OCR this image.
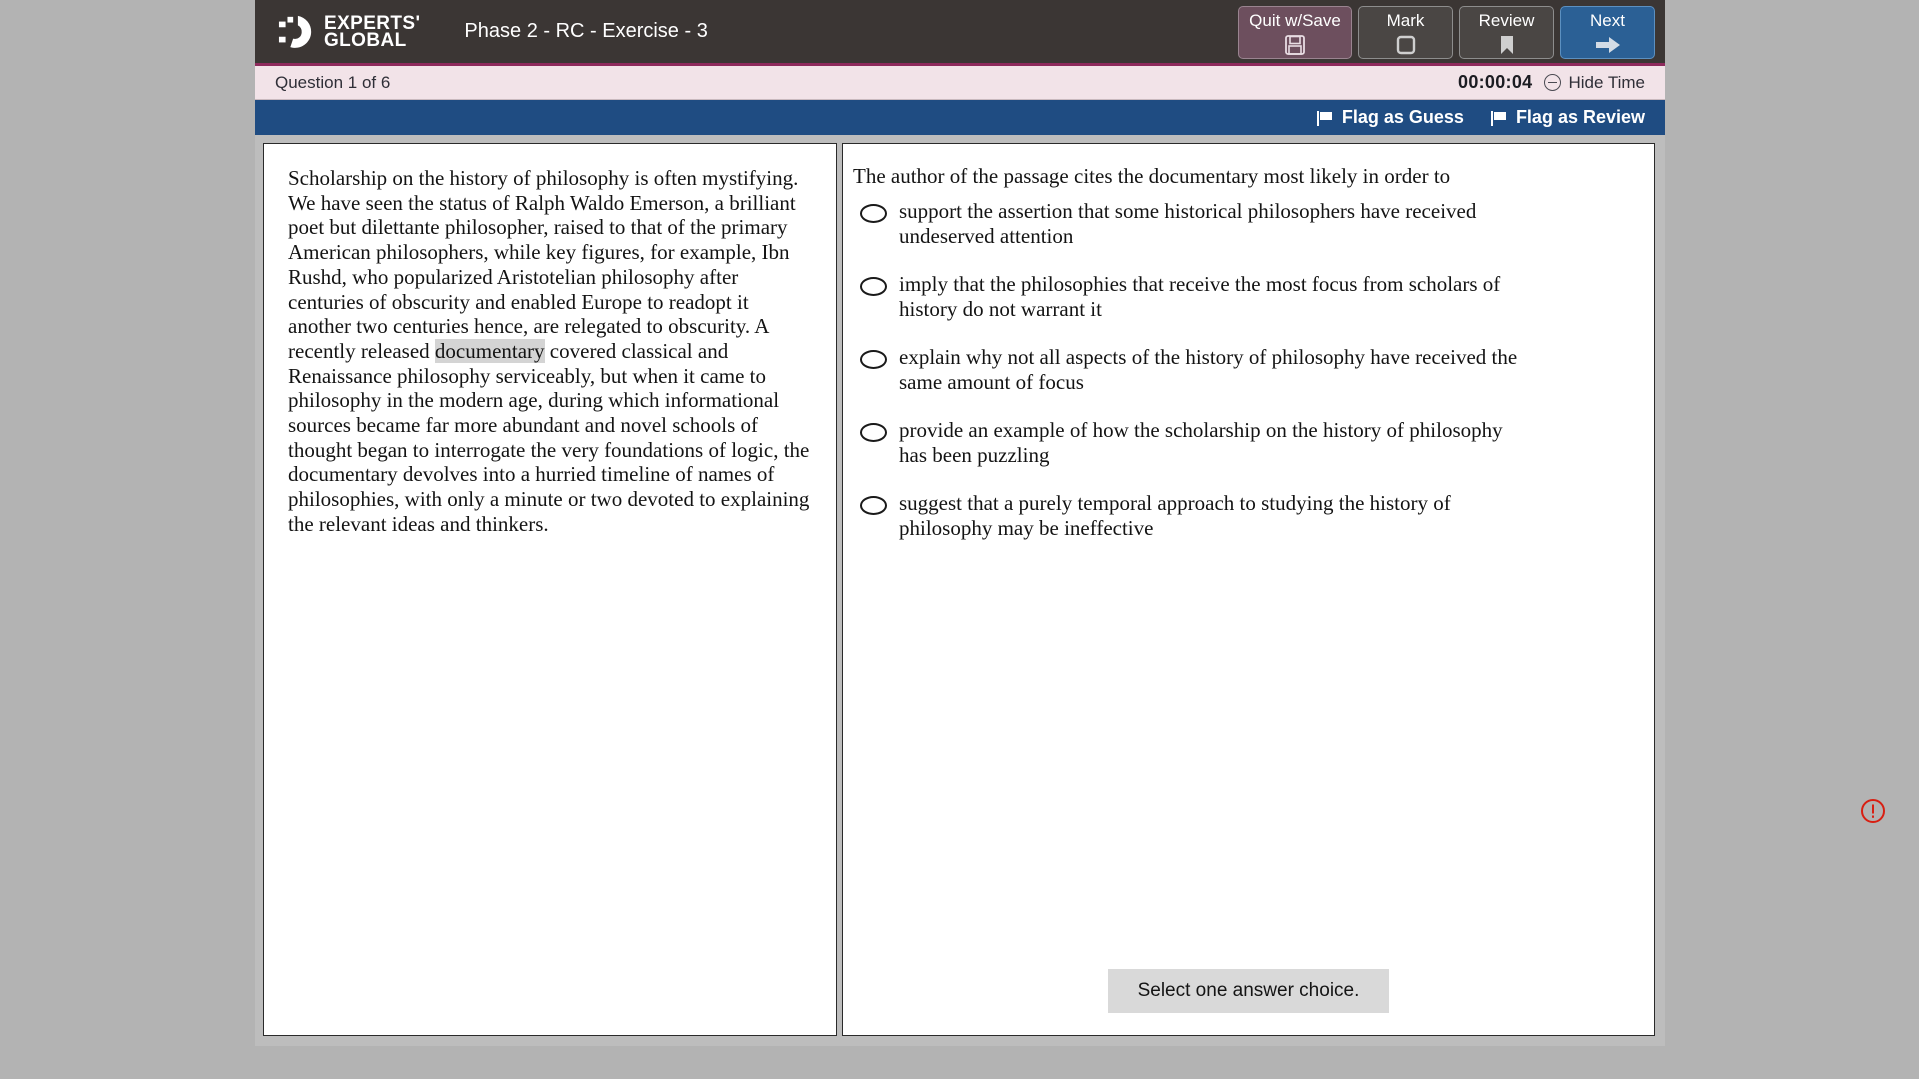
EXPERTS'
GLOBAL	Phase 2 - RC - Exercise - 3	Quit w/Save	Mark	Review	Next
Question 1 of 6	00:00:04 Hide Time
Flag as Guess	Flag as Review
Scholarship on the history of philosophy is often mystifying. We have seen the status of Ralph Waldo Emerson, a brilliant poet but dilettante philosopher, raised to that of the primary American philosophers, while key figures, for example, Ibn Rushd, who popularized Aristotelian philosophy after centuries of obscurity and enabled Europe to readopt it another two centuries hence, are relegated to obscurity. A recently released documentary covered classical and Renaissance philosophy serviceably, but when it came to philosophy in the modern age, during which informational sources became far more abundant and novel schools of thought began to interrogate the very foundations of logic, the documentary devolves into a hurried timeline of names of philosophies, with only a minute or two devoted to explaining the relevant ideas and thinkers.
The author of the passage cites the documentary most likely in order to
support the assertion that some historical philosophers have received undeserved attention
imply that the philosophies that receive the most focus from scholars of history do not warrant it
explain why not all aspects of the history of philosophy have received the same amount of focus
provide an example of how the scholarship on the history of philosophy has been puzzling
suggest that a purely temporal approach to studying the history of philosophy may be ineffective
Select one answer choice.
